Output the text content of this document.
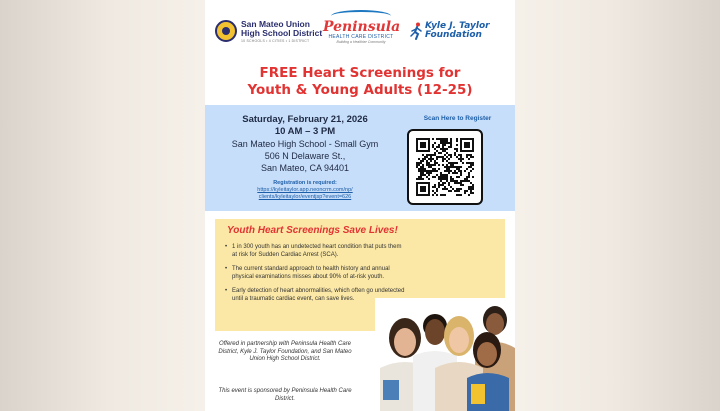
San Mateo Union
High School District
10 SCHOOLS • 4 CITIES • 1 DISTRICT
Peninsula
HEALTH CARE DISTRICT
Building a Healthier Community
Kyle J. Taylor
Foundation
FREE Heart Screenings for
Youth & Young Adults (12-25)
Saturday, February 21, 2026
10 AM – 3 PM
San Mateo High School - Small Gym
506 N Delaware St.,
San Mateo, CA 94401
Registration is required:
https://kyleitaylor.app.neoncrm.com/np/
clients/kyleitaylor/eventjsp?event=626
Scan Here to Register
Youth Heart Screenings Save Lives!
• 1 in 300 youth has an undetected heart condition that puts them at risk for Sudden Cardiac Arrest (SCA).
• The current standard approach to health history and annual physical examinations misses about 90% of at-risk youth.
• Early detection of heart abnormalities, which often go undetected until a traumatic cardiac event, can save lives.
Offered in partnership with Peninsula Health Care District, Kyle J. Taylor Foundation, and San Mateo Union High School District.
This event is sponsored by Peninsula Health Care District.
